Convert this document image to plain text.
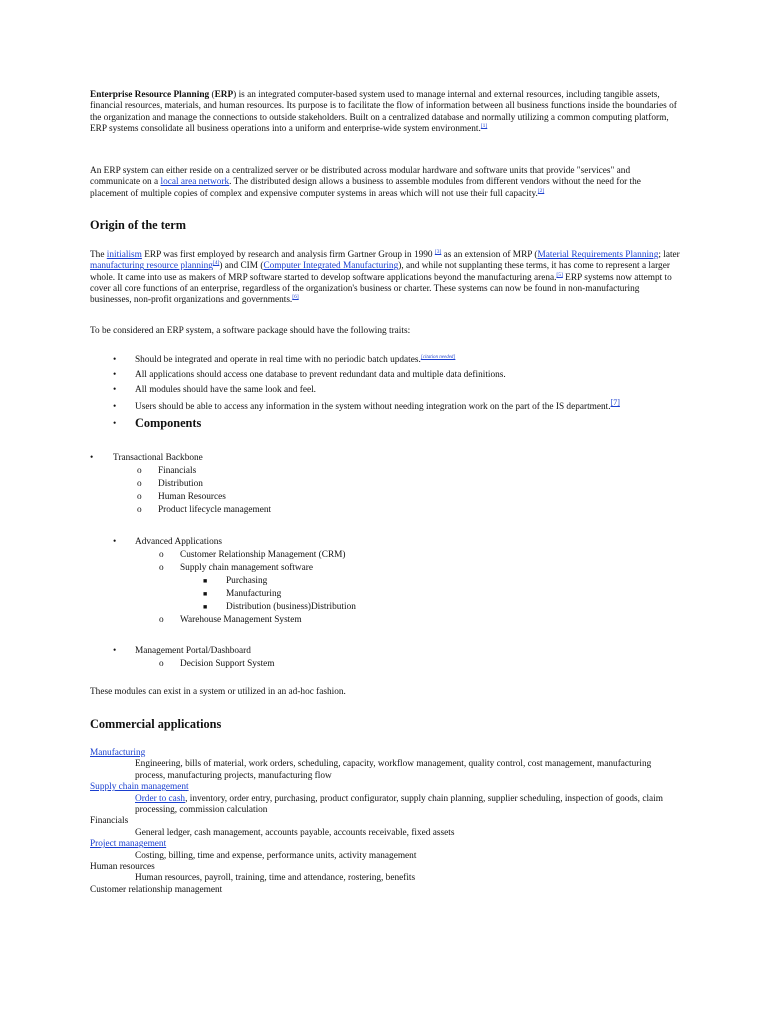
Enterprise Resource Planning (ERP) is an integrated computer-based system used to manage internal and external resources, including tangible assets, financial resources, materials, and human resources. Its purpose is to facilitate the flow of information between all business functions inside the boundaries of the organization and manage the connections to outside stakeholders. Built on a centralized database and normally utilizing a common computing platform, ERP systems consolidate all business operations into a uniform and enterprise-wide system environment.[1]

An ERP system can either reside on a centralized server or be distributed across modular hardware and software units that provide "services" and communicate on a local area network. The distributed design allows a business to assemble modules from different vendors without the need for the placement of multiple copies of complex and expensive computer systems in areas which will not use their full capacity.[2]

Origin of the term

The initialism ERP was first employed by research and analysis firm Gartner Group in 1990 [3] as an extension of MRP (Material Requirements Planning; later manufacturing resource planning[4]) and CIM (Computer Integrated Manufacturing), and while not supplanting these terms, it has come to represent a larger whole. It came into use as makers of MRP software started to develop software applications beyond the manufacturing arena.[5] ERP systems now attempt to cover all core functions of an enterprise, regardless of the organization's business or charter. These systems can now be found in non-manufacturing businesses, non-profit organizations and governments.[6]

To be considered an ERP system, a software package should have the following traits:

• Should be integrated and operate in real time with no periodic batch updates.[citation needed]
• All applications should access one database to prevent redundant data and multiple data definitions.
• All modules should have the same look and feel.
• Users should be able to access any information in the system without needing integration work on the part of the IS department.[7]
• Components
• Transactional Backbone
o Financials
o Distribution
o Human Resources
o Product lifecycle management
• Advanced Applications
o Customer Relationship Management (CRM)
o Supply chain management software
■ Purchasing
■ Manufacturing
■ Distribution (business)Distribution
o Warehouse Management System
• Management Portal/Dashboard
o Decision Support System

These modules can exist in a system or utilized in an ad-hoc fashion.

Commercial applications
Manufacturing
Engineering, bills of material, work orders, scheduling, capacity, workflow management, quality control, cost management, manufacturing process, manufacturing projects, manufacturing flow
Supply chain management
Order to cash, inventory, order entry, purchasing, product configurator, supply chain planning, supplier scheduling, inspection of goods, claim processing, commission calculation
Financials
General ledger, cash management, accounts payable, accounts receivable, fixed assets
Project management
Costing, billing, time and expense, performance units, activity management
Human resources
Human resources, payroll, training, time and attendance, rostering, benefits
Customer relationship management
